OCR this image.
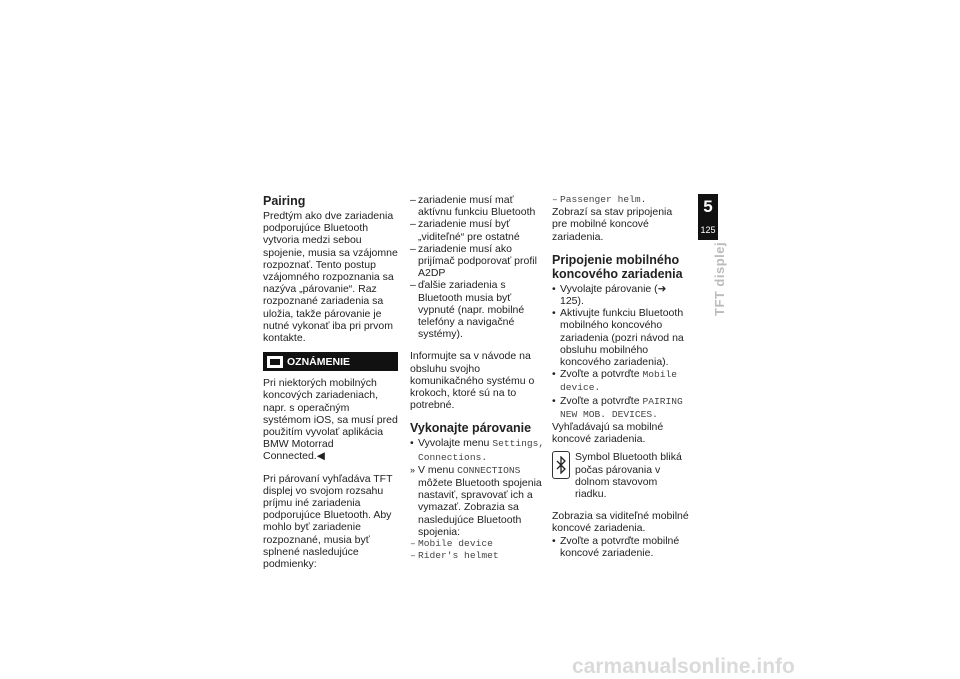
Pairing

Predtým ako dve zariadenia podporujúce Bluetooth vytvoria medzi sebou spojenie, musia sa vzájomne rozpoznať. Tento postup vzájomného rozpoznania sa nazýva „párovanie“. Raz rozpoznané zariadenia sa uložia, takže párovanie je nutné vykonať iba pri prvom kontakte.

OZNÁMENIE

Pri niektorých mobilných koncových zariadeniach, napr. s operačným systémom iOS, sa musí pred použitím vyvolať aplikácia BMW Motorrad Connected.◀

Pri párovaní vyhľadáva TFT displej vo svojom rozsahu príjmu iné zariadenia podporujúce Bluetooth. Aby mohlo byť zariadenie rozpoznané, musia byť splnené nasledujúce podmienky:

– zariadenie musí mať aktívnu funkciu Bluetooth
– zariadenie musí byť „viditeľné“ pre ostatné
– zariadenie musí ako prijímač podporovať profil A2DP
– ďalšie zariadenia s Bluetooth musia byť vypnuté (napr. mobilné telefóny a navigačné systémy).

Informujte sa v návode na obsluhu svojho komunikačného systému o krokoch, ktoré sú na to potrebné.

Vykonajte párovanie
• Vyvolajte menu Settings,
Connections.
» V menu CONNECTIONS môžete Bluetooth spojenia nastaviť, spravovať ich a vymazať. Zobrazia sa nasledujúce Bluetooth spojenia:
– Mobile device
– Rider's helmet
– Passenger helm.

Zobrazí sa stav pripojenia pre mobilné koncové zariadenia.

Pripojenie mobilného koncového zariadenia
• Vyvolajte párovanie (➜ 125).
• Aktivujte funkciu Bluetooth mobilného koncového zariadenia (pozri návod na obsluhu mobilného koncového zariadenia).
• Zvoľte a potvrďte Mobile device.
• Zvoľte a potvrďte PAIRING NEW MOB. DEVICES.

Vyhľadávajú sa mobilné koncové zariadenia.

Symbol Bluetooth bliká počas párovania v dolnom stavovom riadku.

Zobrazia sa viditeľné mobilné koncové zariadenia.

• Zvoľte a potvrďte mobilné koncové zariadenie.
5
125
TFT displej
carmanualsonline.info
